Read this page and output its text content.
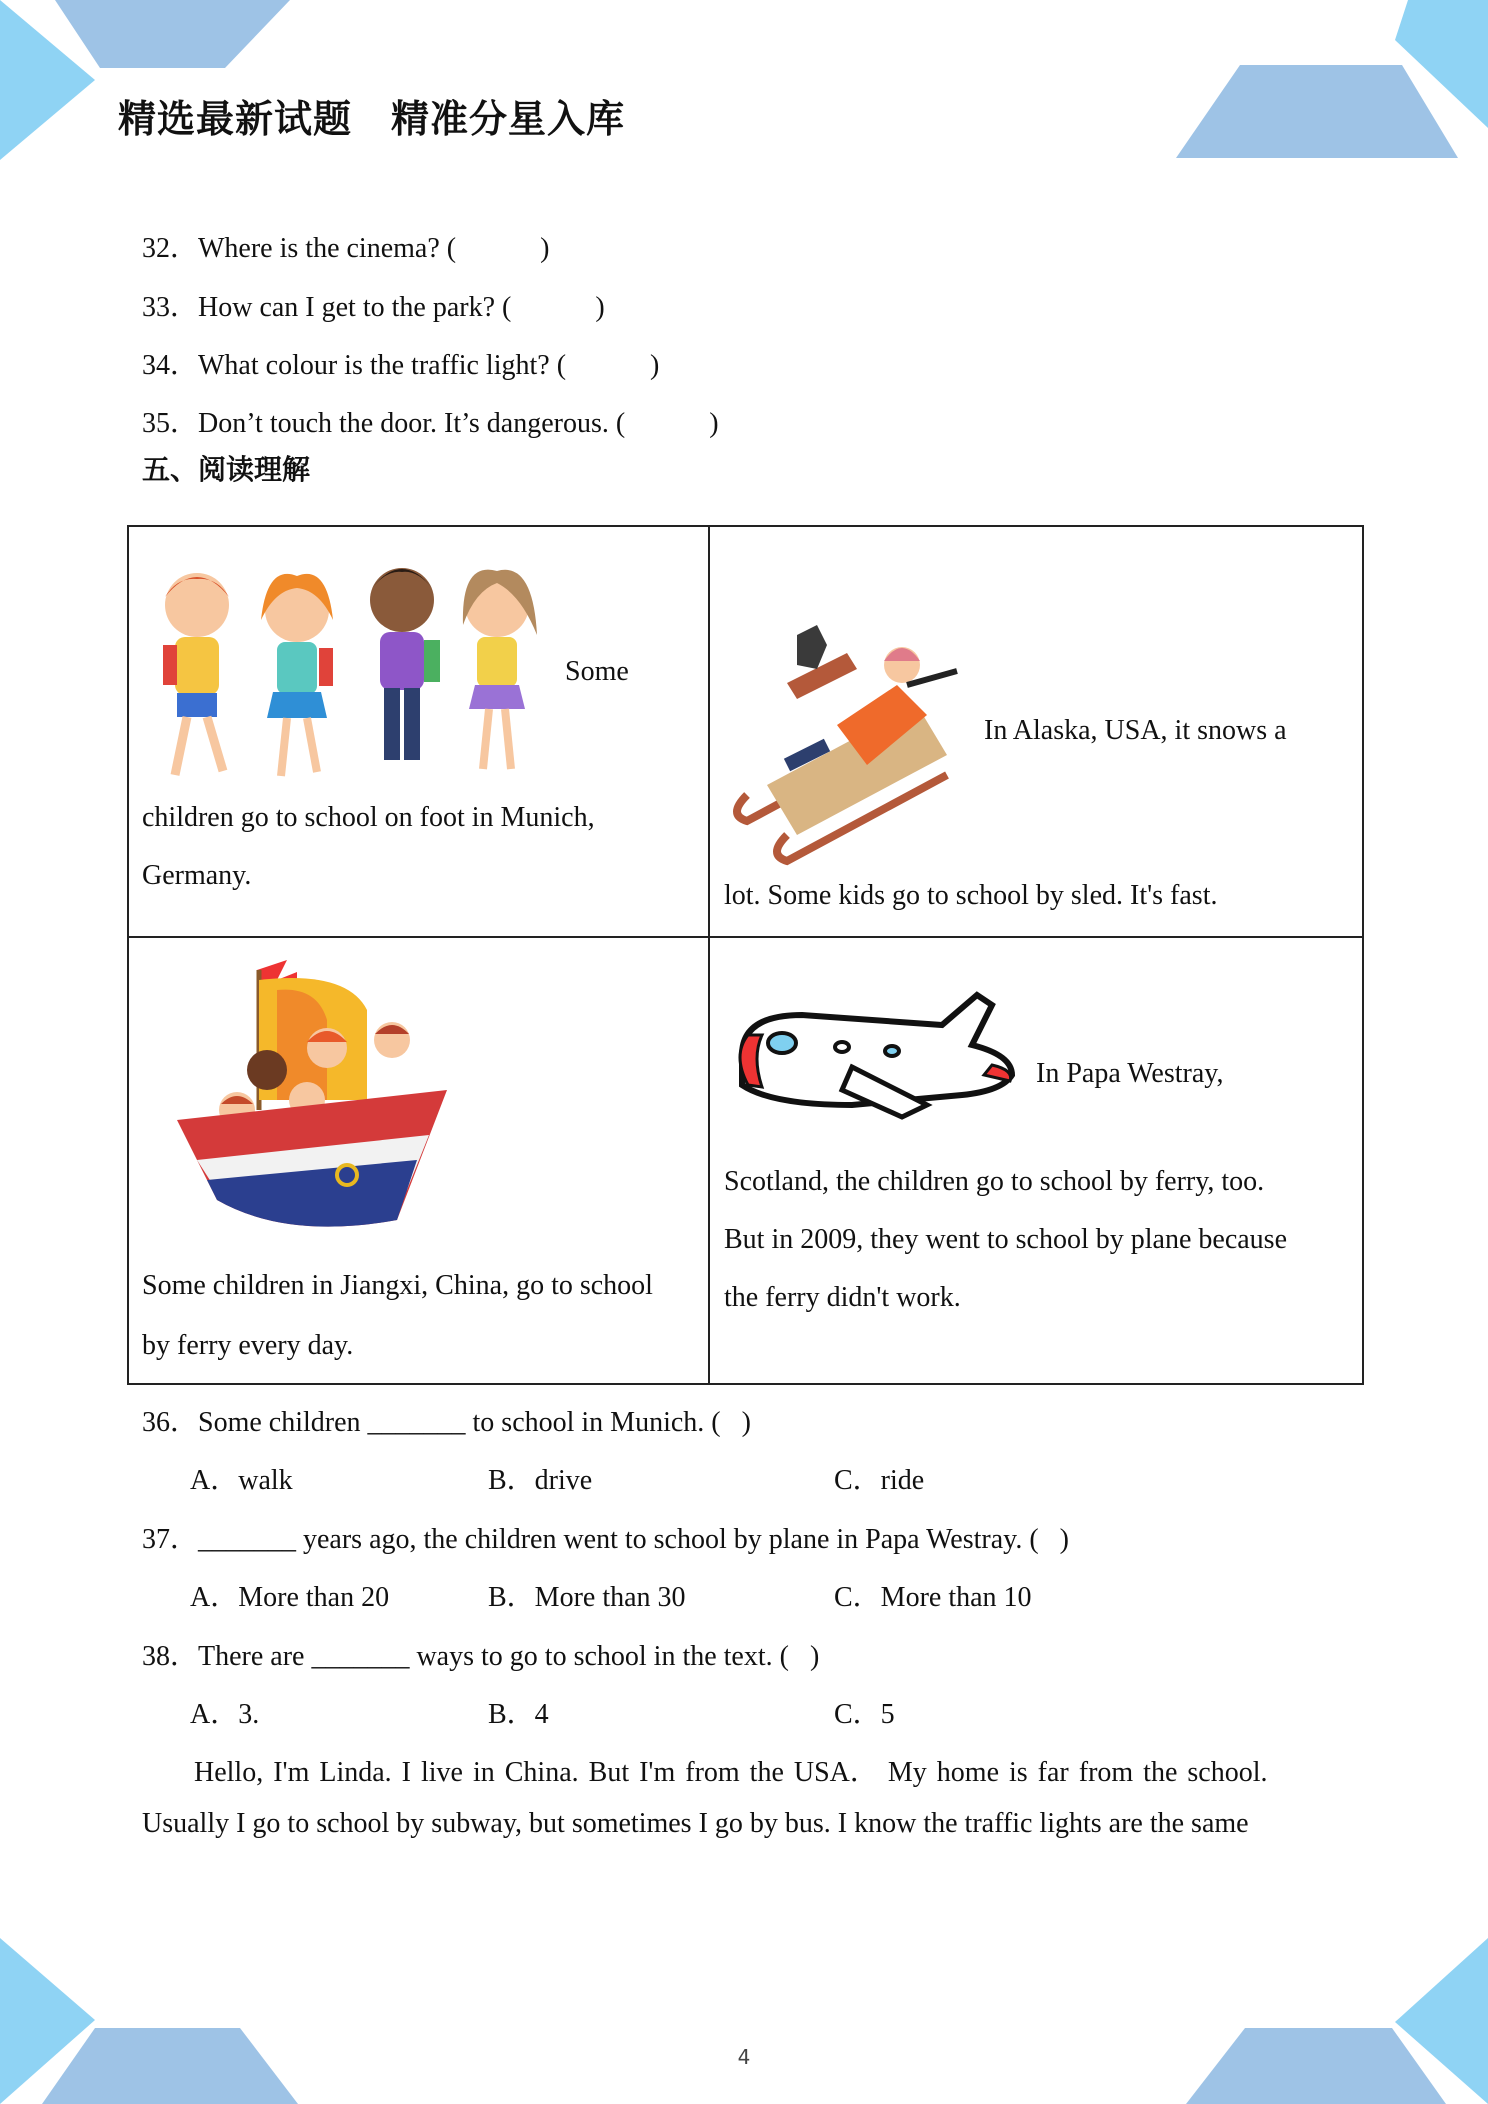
精选最新试题　精准分星入库
32．Where is the cinema? (            )
33．How can I get to the park? (            )
34．What colour is the traffic light? (            )
35．Don’t touch the door. It’s dangerous. (            )
五、阅读理解
Some
children go to school on foot in Munich,
Germany.
In Alaska, USA, it snows a
lot. Some kids go to school by sled. It's fast.
Some children in Jiangxi, China, go to school
by ferry every day.
In Papa Westray,
Scotland, the children go to school by ferry, too.
But in 2009, they went to school by plane because
the ferry didn't work.
36．Some children _______ to school in Munich. (   )
A．walk	B．drive	C．ride
37．_______ years ago, the children went to school by plane in Papa Westray. (   )
A．More than 20	B．More than 30	C．More than 10
38．There are _______ ways to go to school in the text. (   )
A．3.	B．4	C．5
Hello, I'm Linda. I live in China. But I'm from the USA． My home is far from the school.
Usually I go to school by subway, but sometimes I go by bus. I know the traffic lights are the same
4
